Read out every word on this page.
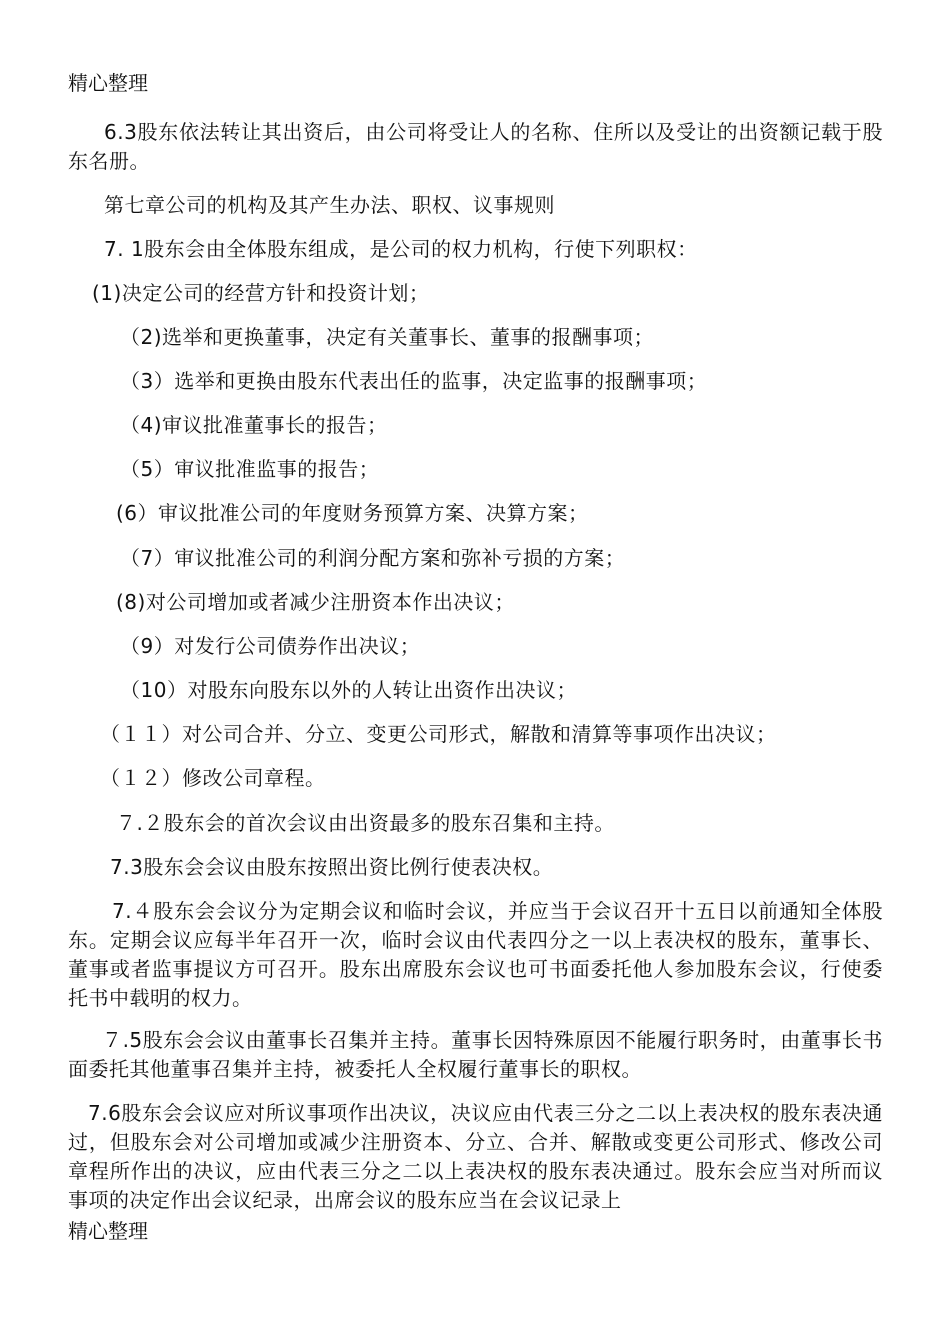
精心整理
6.3股东依法转让其出资后，由公司将受让人的名称、住所以及受让的出资额记载于股东名册。
第七章公司的机构及其产生办法、职权、议事规则
7. 1股东会由全体股东组成，是公司的权力机构，行使下列职权：
(1)决定公司的经营方针和投资计划；
（2)选举和更换董事，决定有关董事长、董事的报酬事项；
（3）选举和更换由股东代表出任的监事，决定监事的报酬事项；
（4)审议批准董事长的报告；
（5）审议批准监事的报告；
(6）审议批准公司的年度财务预算方案、决算方案；
（7）审议批准公司的利润分配方案和弥补亏损的方案；
(8)对公司增加或者减少注册资本作出决议；
（9）对发行公司债券作出决议；
（10）对股东向股东以外的人转让出资作出决议；
（１１）对公司合并、分立、变更公司形式，解散和清算等事项作出决议；
（１２）修改公司章程。
７.２股东会的首次会议由出资最多的股东召集和主持。
7.3股东会会议由股东按照出资比例行使表决权。
7.４股东会会议分为定期会议和临时会议，并应当于会议召开十五日以前通知全体股东。定期会议应每半年召开一次，临时会议由代表四分之一以上表决权的股东，董事长、董事或者监事提议方可召开。股东出席股东会议也可书面委托他人参加股东会议，行使委托书中载明的权力。
７.5股东会会议由董事长召集并主持。董事长因特殊原因不能履行职务时，由董事长书面委托其他董事召集并主持，被委托人全权履行董事长的职权。
7.6股东会会议应对所议事项作出决议，决议应由代表三分之二以上表决权的股东表决通过，但股东会对公司增加或减少注册资本、分立、合并、解散或变更公司形式、修改公司章程所作出的决议，应由代表三分之二以上表决权的股东表决通过。股东会应当对所而议事项的决定作出会议纪录，出席会议的股东应当在会议记录上
精心整理
